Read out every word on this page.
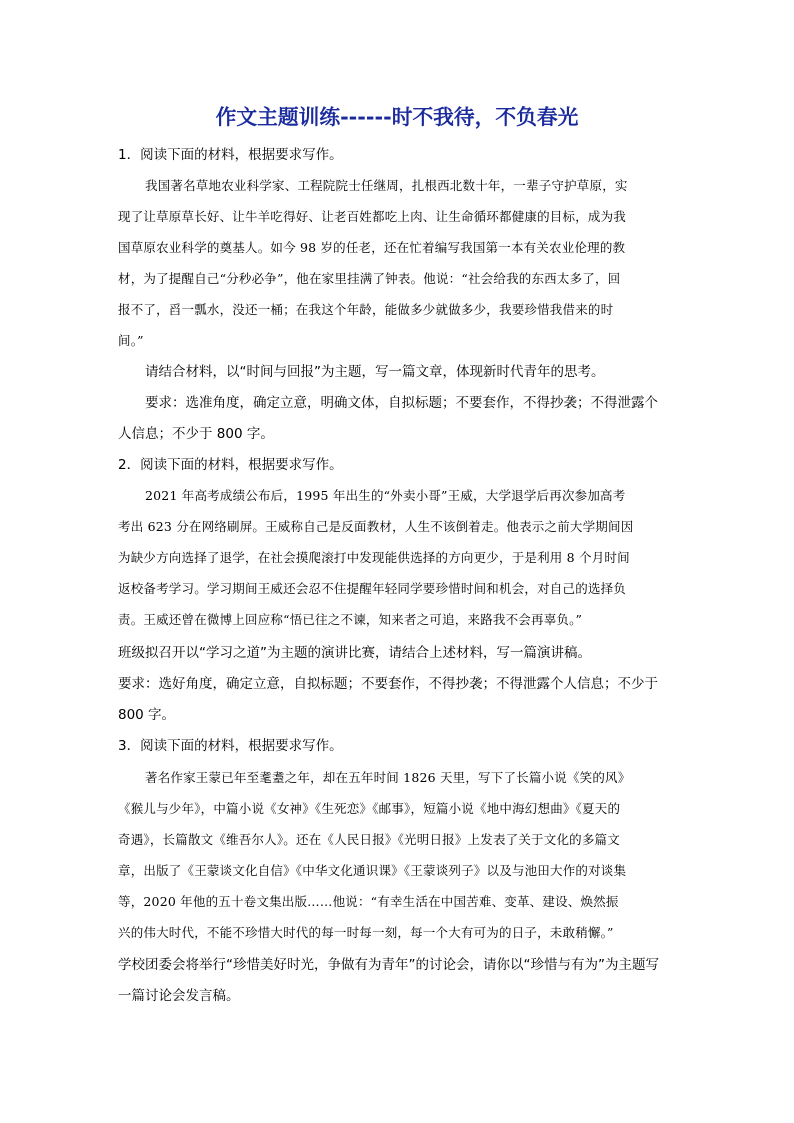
作文主题训练------时不我待，不负春光
1．阅读下面的材料，根据要求写作。
我国著名草地农业科学家、工程院院士任继周，扎根西北数十年，一辈子守护草原，实
现了让草原草长好、让牛羊吃得好、让老百姓都吃上肉、让生命循环都健康的目标，成为我
国草原农业科学的奠基人。如今 98 岁的任老，还在忙着编写我国第一本有关农业伦理的教
材，为了提醒自己“分秒必争”，他在家里挂满了钟表。他说：“社会给我的东西太多了，回
报不了，舀一瓢水，没还一桶；在我这个年龄，能做多少就做多少，我要珍惜我借来的时
间。”
请结合材料，以“时间与回报”为主题，写一篇文章，体现新时代青年的思考。
要求：选准角度，确定立意，明确文体，自拟标题；不要套作，不得抄袭；不得泄露个
人信息；不少于 800 字。
2．阅读下面的材料，根据要求写作。
2021 年高考成绩公布后，1995 年出生的“外卖小哥”王威，大学退学后再次参加高考
考出 623 分在网络刷屏。王威称自己是反面教材，人生不该倒着走。他表示之前大学期间因
为缺少方向选择了退学，在社会摸爬滚打中发现能供选择的方向更少，于是利用 8 个月时间
返校备考学习。学习期间王威还会忍不住提醒年轻同学要珍惜时间和机会，对自己的选择负
责。王威还曾在微博上回应称“悟已往之不谏，知来者之可追，来路我不会再辜负。”
班级拟召开以“学习之道”为主题的演讲比赛，请结合上述材料，写一篇演讲稿。
要求：选好角度，确定立意，自拟标题；不要套作，不得抄袭；不得泄露个人信息；不少于
800 字。
3．阅读下面的材料，根据要求写作。
著名作家王蒙已年至耄耋之年，却在五年时间 1826 天里，写下了长篇小说《笑的风》
《猴儿与少年》，中篇小说《女神》《生死恋》《邮事》，短篇小说《地中海幻想曲》《夏天的
奇遇》，长篇散文《维吾尔人》。还在《人民日报》《光明日报》上发表了关于文化的多篇文
章，出版了《王蒙谈文化自信》《中华文化通识课》《王蒙谈列子》以及与池田大作的对谈集
等，2020 年他的五十卷文集出版……他说：“有幸生活在中国苦难、变革、建设、焕然振
兴的伟大时代，不能不珍惜大时代的每一时每一刻，每一个大有可为的日子，未敢稍懈。”
学校团委会将举行“珍惜美好时光，争做有为青年”的讨论会，请你以“珍惜与有为”为主题写
一篇讨论会发言稿。
